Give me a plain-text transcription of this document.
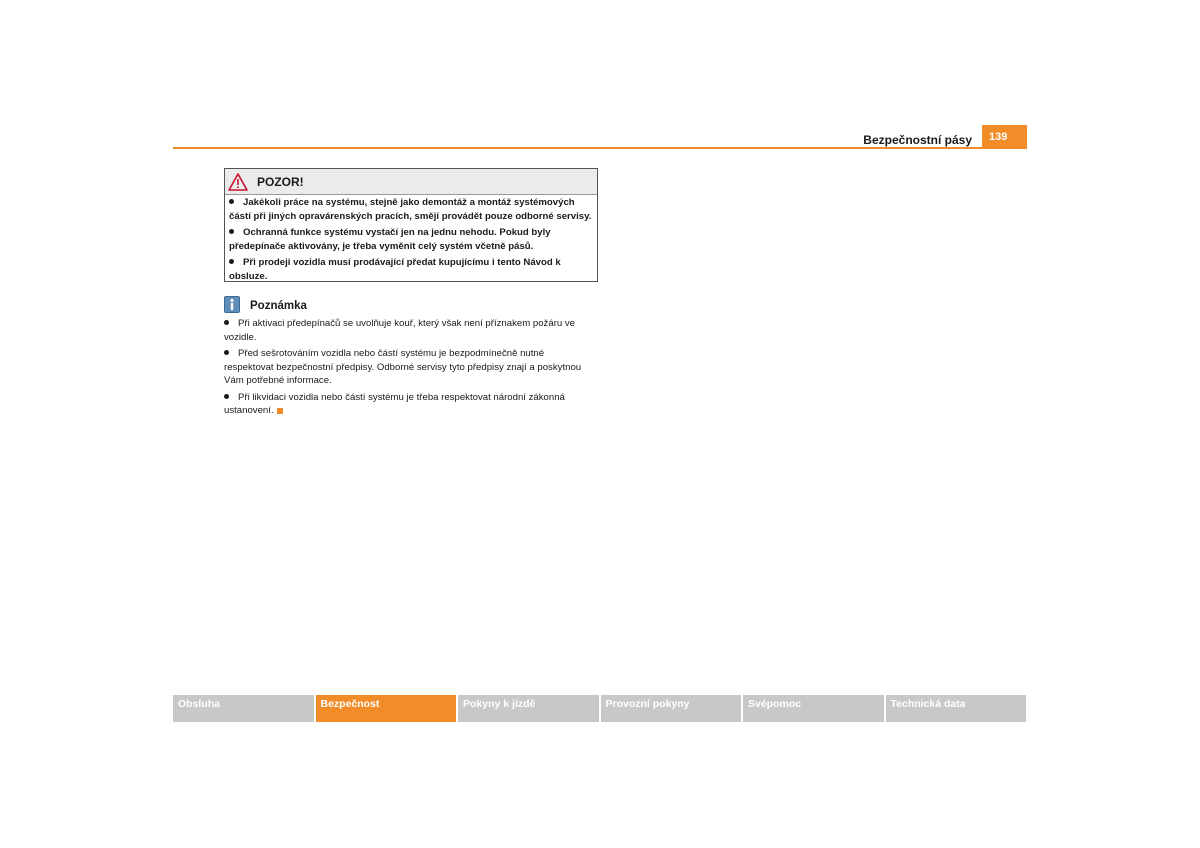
Bezpečnostní pásy	139
POZOR!
Jakékoli práce na systému, stejně jako demontáž a montáž systémových částí při jiných opravárenských pracích, smějí provádět pouze odborné servisy.
Ochranná funkce systému vystačí jen na jednu nehodu. Pokud byly předepínače aktivovány, je třeba vyměnit celý systém včetně pásů.
Při prodeji vozidla musí prodávající předat kupujícímu i tento Návod k obsluze.
Poznámka
Při aktivaci předepínačů se uvolňuje kouř, který však není příznakem požáru ve vozidle.
Před sešrotováním vozidla nebo částí systému je bezpodmínečně nutné respektovat bezpečnostní předpisy. Odborné servisy tyto předpisy znají a poskytnou Vám potřebné informace.
Při likvidaci vozidla nebo částí systému je třeba respektovat národní zákonná ustanovení.
Obsluha	Bezpečnost	Pokyny k jízdě	Provozní pokyny	Svépomoc	Technická data
